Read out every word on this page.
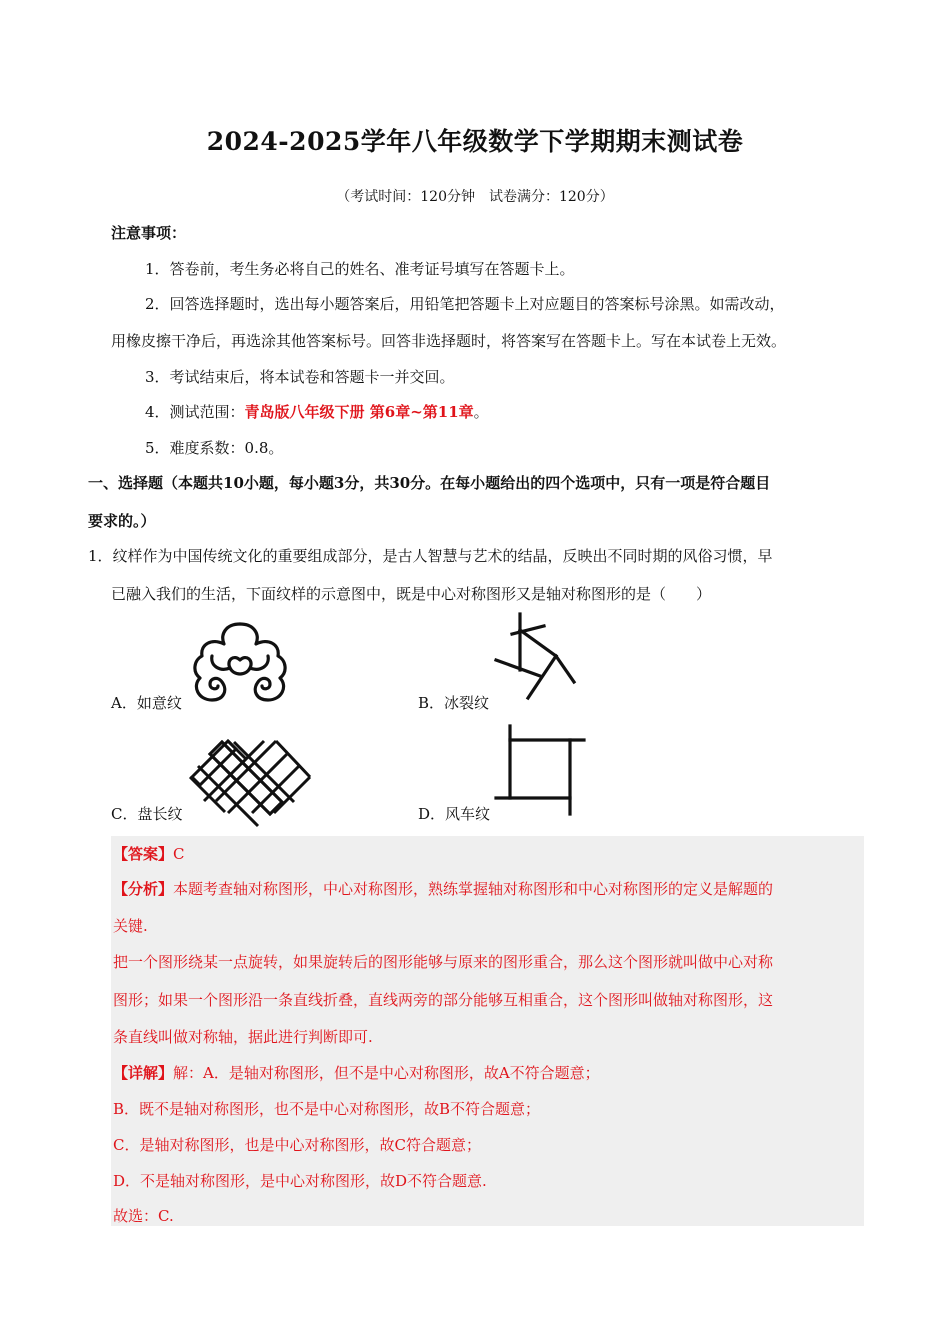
2024-2025学年八年级数学下学期期末测试卷
（考试时间：120分钟　试卷满分：120分）
注意事项：
1．答卷前，考生务必将自己的姓名、准考证号填写在答题卡上。
2．回答选择题时，选出每小题答案后，用铅笔把答题卡上对应题目的答案标号涂黑。如需改动，
用橡皮擦干净后，再选涂其他答案标号。回答非选择题时，将答案写在答题卡上。写在本试卷上无效。
3．考试结束后，将本试卷和答题卡一并交回。
4．测试范围：青岛版八年级下册 第6章~第11章。
5．难度系数：0.8。
一、选择题（本题共10小题，每小题3分，共30分。在每小题给出的四个选项中，只有一项是符合题目
要求的。）
1．纹样作为中国传统文化的重要组成部分，是古人智慧与艺术的结晶，反映出不同时期的风俗习惯，早
已融入我们的生活，下面纹样的示意图中，既是中心对称图形又是轴对称图形的是（　　）
A．如意纹	B．冰裂纹
C．盘长纹	D．风车纹
【答案】C
【分析】本题考查轴对称图形，中心对称图形，熟练掌握轴对称图形和中心对称图形的定义是解题的
关键.
把一个图形绕某一点旋转，如果旋转后的图形能够与原来的图形重合，那么这个图形就叫做中心对称
图形；如果一个图形沿一条直线折叠，直线两旁的部分能够互相重合，这个图形叫做轴对称图形，这
条直线叫做对称轴，据此进行判断即可.
【详解】解：A．是轴对称图形，但不是中心对称图形，故A不符合题意；
B．既不是轴对称图形，也不是中心对称图形，故B不符合题意；
C．是轴对称图形，也是中心对称图形，故C符合题意；
D．不是轴对称图形，是中心对称图形，故D不符合题意.
故选：C.
